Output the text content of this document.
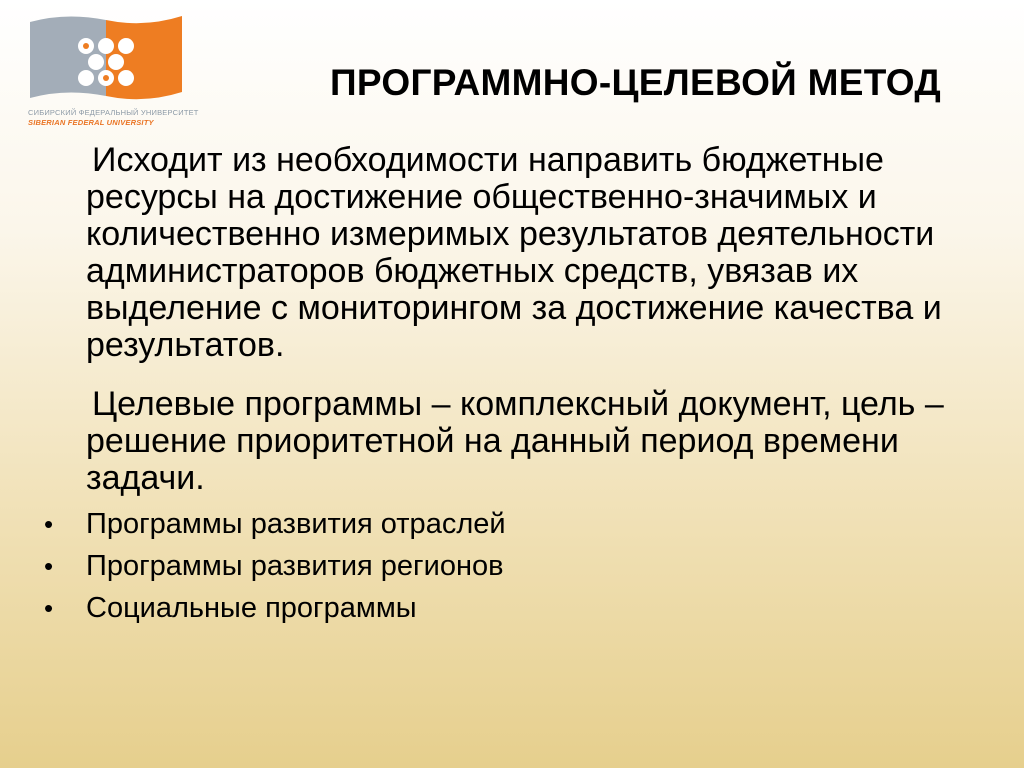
СИБИРСКИЙ ФЕДЕРАЛЬНЫЙ УНИВЕРСИТЕТ
SIBERIAN FEDERAL UNIVERSITY
ПРОГРАММНО-ЦЕЛЕВОЙ МЕТОД

Исходит из необходимости направить бюджетные ресурсы на достижение общественно-значимых и количественно измеримых результатов деятельности администраторов бюджетных средств, увязав их выделение с мониторингом за достижение качества и результатов.

Целевые программы – комплексный документ, цель – решение приоритетной на данный период времени задачи.

• Программы развития отраслей
• Программы развития регионов
• Социальные программы
